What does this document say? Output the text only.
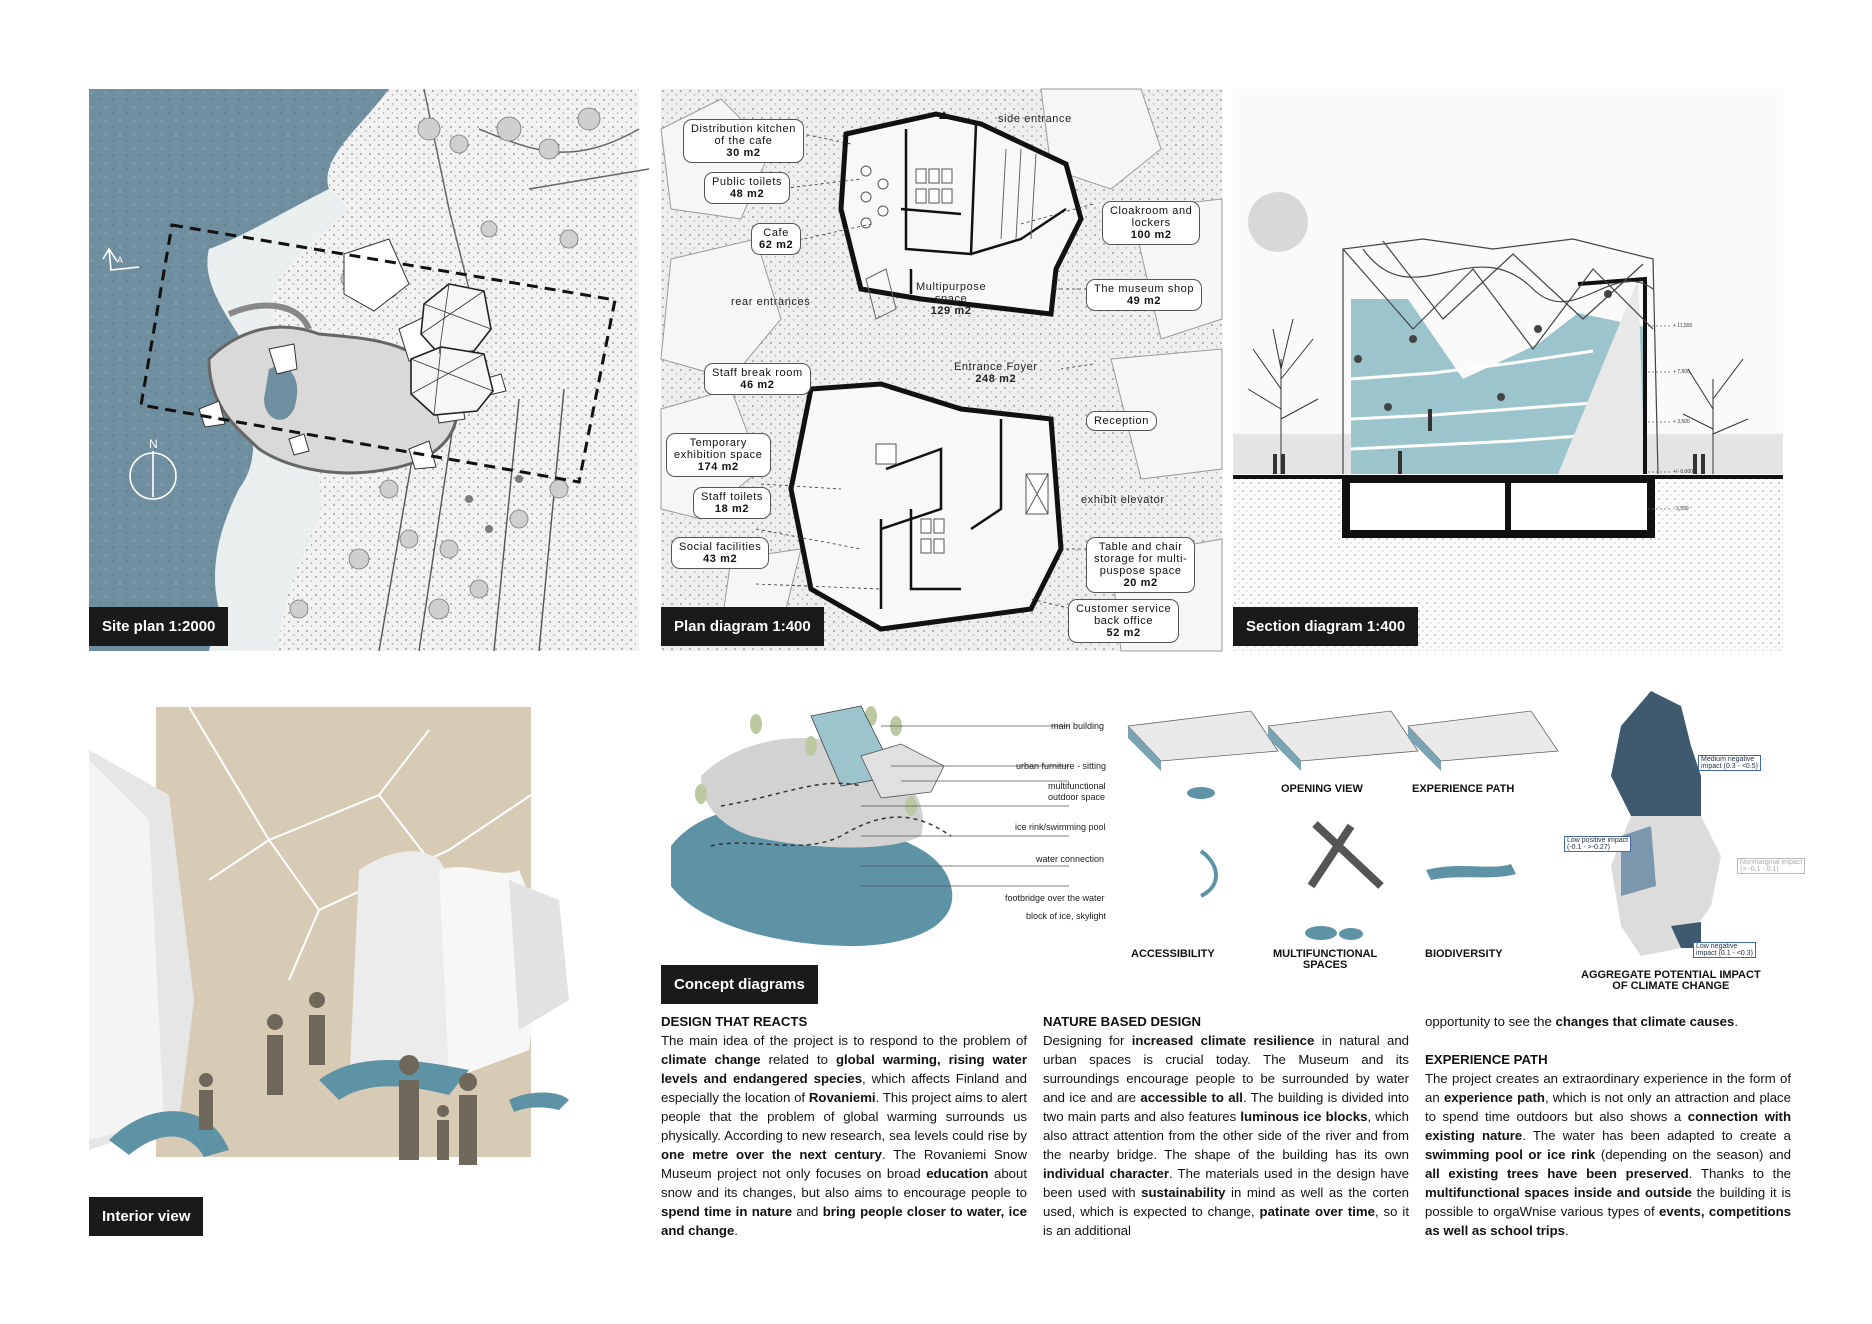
N
A
Site plan 1:2000
Distribution kitchen
of the cafe
30 m2
Public toilets
48 m2
Cafe
62 m2
side entrance
Multipurpose
space
129 m2
rear entrances
Staff break room
46 m2
Entrance Foyer
248 m2
Temporary
exhibition space
174 m2
Staff toilets
18 m2
Social facilities
43 m2
Cloakroom and
lockers
100 m2
The museum shop
49 m2
Reception
exhibit elevator
Table and chair
storage for multi-
puspose space
20 m2
Customer service
back office
52 m2
Plan diagram 1:400
+ 11,500
+ 7,500
+ 3,500
+/- 0,000
- 3,530
Section diagram 1:400
Interior view
main building
urban furniture - sitting
multifunctional
outdoor space
ice rink/swimming pool
water connection
footbridge over the water
block of ice, skylight
OPENING VIEW	EXPERIENCE PATH
ACCESSIBILITY	MULTIFUNCTIONAL
SPACES
BIODIVERSITY
Medium negative
impact (0.3 - <0.5)
Low positive impact
(-0.1 - >-0.27)
Nonmarginal impact
(> -0.1 - 0.1)
Low negative
impact (0.1 - <0.3)
AGGREGATE POTENTIAL IMPACT
OF CLIMATE CHANGE
Concept diagrams
DESIGN THAT REACTS

The main idea of the project is to respond to the problem of climate change related to global warming, rising water levels and endangered species, which affects Finland and especially the location of Rovaniemi. This project aims to alert people that the problem of global warming surrounds us physically. According to new research, sea levels could rise by one metre over the next century. The Rovaniemi Snow Museum project not only focuses on broad education about snow and its changes, but also aims to encourage people to spend time in nature and bring people closer to water, ice and change.

NATURE BASED DESIGN

Designing for increased climate resilience in natural and urban spaces is crucial today. The Museum and its surroundings encourage people to be surrounded by water and ice and are accessible to all. The building is divided into two main parts and also features luminous ice blocks, which also attract attention from the other side of the river and from the nearby bridge. The shape of the building has its own individual character. The materials used in the design have been used with sustainability in mind as well as the corten used, which is expected to change, patinate over time, so it is an additional

opportunity to see the changes that climate causes.

EXPERIENCE PATH

The project creates an extraordinary experience in the form of an experience path, which is not only an attraction and place to spend time outdoors but also shows a connection with existing nature. The water has been adapted to create a swimming pool or ice rink (depending on the season) and all existing trees have been preserved. Thanks to the multifunctional spaces inside and outside the building it is possible to orgaWnise various types of events, competitions as well as school trips.
